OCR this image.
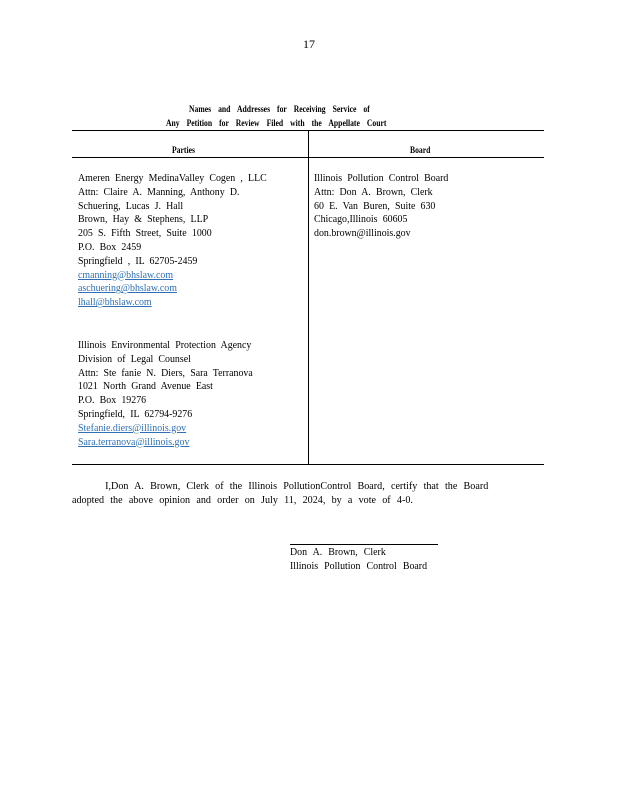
17
Names and Addresses for Receiving Service of
Any Petition for Review Filed with the Appellate Court
Parties	Board
Ameren Energy MedinaValley Cogen , LLC
Attn: Claire A. Manning, Anthony D.
Schuering, Lucas J. Hall
Brown, Hay & Stephens, LLP
205 S. Fifth Street, Suite 1000
P.O. Box 2459
Springfield , IL 62705-2459
cmanning@bhslaw.com
aschuering@bhslaw.com
lhall@bhslaw.com
Illinois Environmental Protection Agency
Division of Legal Counsel
Attn: Ste fanie N. Diers, Sara Terranova
1021 North Grand Avenue East
P.O. Box 19276
Springfield, IL 62794-9276
Stefanie.diers@illinois.gov
Sara.terranova@illinois.gov
Illinois Pollution Control Board
Attn: Don A. Brown, Clerk
60 E. Van Buren, Suite 630
Chicago,Illinois 60605
don.brown@illinois.gov
I,Don A. Brown, Clerk of the Illinois PollutionControl Board, certify that the Board
adopted the above opinion and order on July 11, 2024, by a vote of 4-0.
Don A. Brown, Clerk
Illinois Pollution Control Board
